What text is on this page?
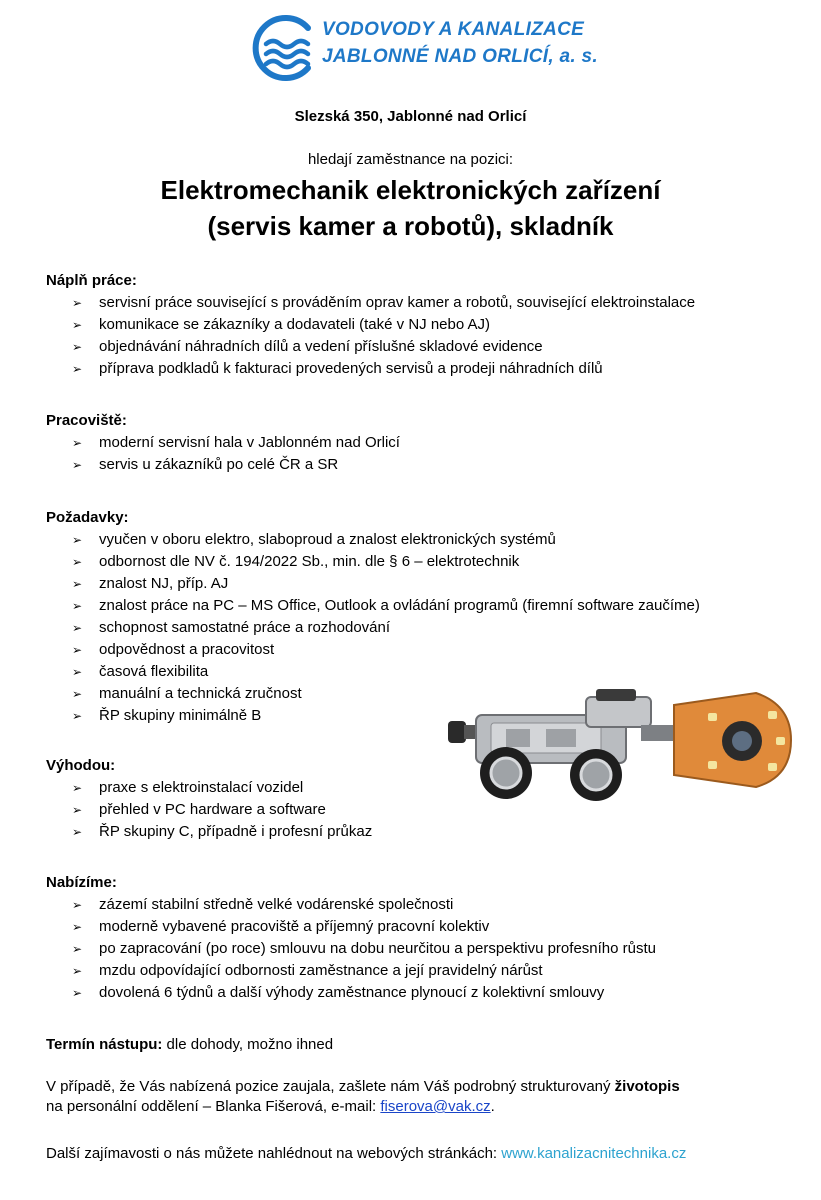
VODOVODY A KANALIZACE
JABLONNÉ NAD ORLICÍ, a. s.
Slezská 350, Jablonné nad Orlicí
hledají zaměstnance na pozici:
Elektromechanik elektronických zařízení
(servis kamer a robotů), skladník
Náplň práce:
➢ servisní práce související s prováděním oprav kamer a robotů, související elektroinstalace
➢ komunikace se zákazníky a dodavateli (také v NJ nebo AJ)
➢ objednávání náhradních dílů a vedení příslušné skladové evidence
➢ příprava podkladů k fakturaci provedených servisů a prodeji náhradních dílů
Pracoviště:
➢ moderní servisní hala v Jablonném nad Orlicí
➢ servis u zákazníků po celé ČR a SR
Požadavky:
➢ vyučen v oboru elektro, slaboproud a znalost elektronických systémů
➢ odbornost dle NV č. 194/2022 Sb., min. dle § 6 – elektrotechnik
➢ znalost NJ, příp. AJ
➢ znalost práce na PC – MS Office, Outlook a ovládání programů (firemní software zaučíme)
➢ schopnost samostatné práce a rozhodování
➢ odpovědnost a pracovitost
➢ časová flexibilita
➢ manuální a technická zručnost
➢ ŘP skupiny minimálně B
Výhodou:
➢ praxe s elektroinstalací vozidel
➢ přehled v PC hardware a software
➢ ŘP skupiny C, případně i profesní průkaz
Nabízíme:
➢ zázemí stabilní středně velké vodárenské společnosti
➢ moderně vybavené pracoviště a příjemný pracovní kolektiv
➢ po zapracování (po roce) smlouvu na dobu neurčitou a perspektivu profesního růstu
➢ mzdu odpovídající odbornosti zaměstnance a její pravidelný nárůst
➢ dovolená 6 týdnů a další výhody zaměstnance plynoucí z kolektivní smlouvy
Termín nástupu: dle dohody, možno ihned
V případě, že Vás nabízená pozice zaujala, zašlete nám Váš podrobný strukturovaný životopis
na personální oddělení – Blanka Fišerová, e-mail: fiserova@vak.cz.
Další zajímavosti o nás můžete nahlédnout na webových stránkách: www.kanalizacnitechnika.cz
